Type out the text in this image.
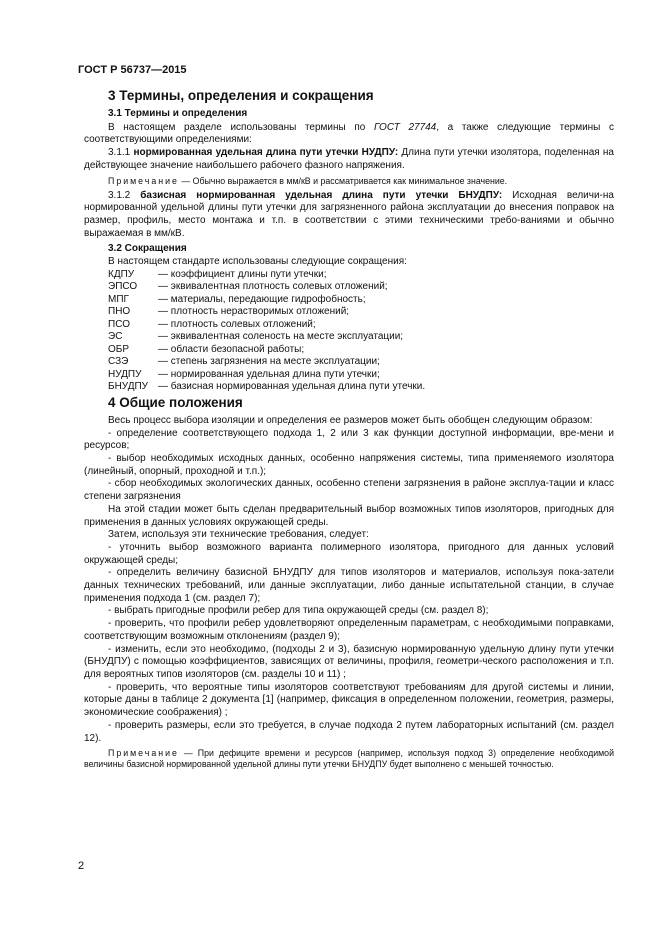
ГОСТ Р 56737—2015
3 Термины, определения и сокращения
3.1 Термины и определения

В настоящем разделе использованы термины по ГОСТ 27744, а также следующие термины с соответствующими определениями:

3.1.1 нормированная удельная длина пути утечки НУДПУ: Длина пути утечки изолятора, поделенная на действующее значение наибольшего рабочего фазного напряжения.

Примечание — Обычно выражается в мм/кВ и рассматривается как минимальное значение.

3.1.2 базисная нормированная удельная длина пути утечки БНУДПУ: Исходная величи-на нормированной удельной длины пути утечки для загрязненного района эксплуатации до внесения поправок на размер, профиль, место монтажа и т.п. в соответствии с этими техническими требо-ваниями и обычно выражаемая в мм/кВ.

3.2 Сокращения

В настоящем стандарте использованы следующие сокращения:

КДПУ	— коэффициент длины пути утечки;
ЭПСО	— эквивалентная плотность солевых отложений;
МПГ	— материалы, передающие гидрофобность;
ПНО	— плотность нерастворимых отложений;
ПСО	— плотность солевых отложений;
ЭС	— эквивалентная соленость на месте эксплуатации;
ОБР	— области безопасной работы;
СЗЭ	— степень загрязнения на месте эксплуатации;
НУДПУ	— нормированная удельная длина пути утечки;
БНУДПУ	— базисная нормированная удельная длина пути утечки.
4 Общие положения

Весь процесс выбора изоляции и определения ее размеров может быть обобщен следующим образом:

- определение соответствующего подхода 1, 2 или 3 как функции доступной информации, вре-мени и ресурсов;

- выбор необходимых исходных данных, особенно напряжения системы, типа применяемого изолятора (линейный, опорный, проходной и т.п.);

- сбор необходимых экологических данных, особенно степени загрязнения в районе эксплуа-тации и класс степени загрязнения

На этой стадии может быть сделан предварительный выбор возможных типов изоляторов, пригодных для применения в данных условиях окружающей среды.

Затем, используя эти технические требования, следует:

- уточнить выбор возможного варианта полимерного изолятора, пригодного для данных условий окружающей среды;

- определить величину базисной БНУДПУ для типов изоляторов и материалов, используя пока-затели данных технических требований, или данные эксплуатации, либо данные испытательной станции, в случае применения подхода 1 (см. раздел 7);

- выбрать пригодные профили ребер для типа окружающей среды (см. раздел 8);

- проверить, что профили ребер удовлетворяют определенным параметрам, с необходимыми поправками, соответствующим возможным отклонениям (раздел 9);

- изменить, если это необходимо, (подходы 2 и 3), базисную нормированную удельную длину пути утечки (БНУДПУ) с помощью коэффициентов, зависящих от величины, профиля, геометри-ческого расположения и т.п. для вероятных типов изоляторов (см. разделы 10 и 11) ;

- проверить, что вероятные типы изоляторов соответствуют требованиям для другой системы и линии, которые даны в таблице 2 документа [1] (например, фиксация в определенном положении, геометрия, размеры, экономические соображения) ;

- проверить размеры, если это требуется, в случае подхода 2 путем лабораторных испытаний (см. раздел 12).

Примечание — При дефиците времени и ресурсов (например, используя подход 3) определение необходимой величины базисной нормированной удельной длины пути утечки БНУДПУ будет выполнено с меньшей точностью.

2
